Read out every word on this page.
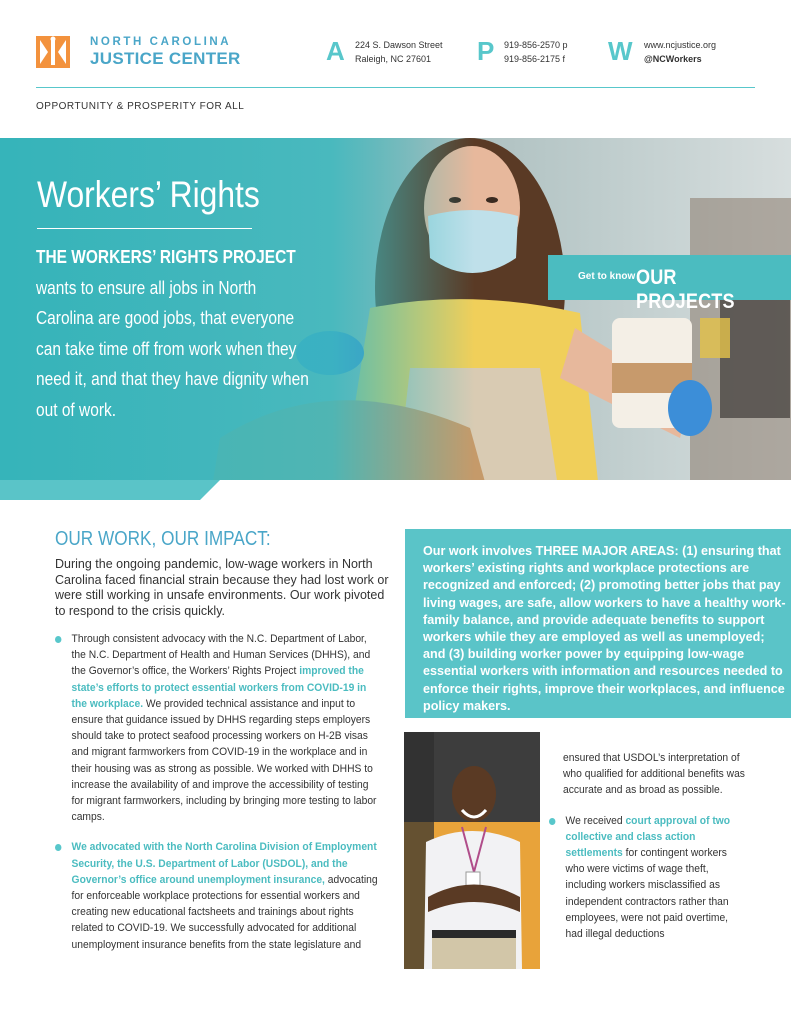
NORTH CAROLINA
JUSTICE CENTER	A 224 S. Dawson Street
Raleigh, NC 27601	P 919-856-2570 p
919-856-2175 f W www.ncjustice.org
@NCWorkers
OPPORTUNITY & PROSPERITY FOR ALL
Get to know OUR PROJECTS
Workers’ Rights
THE WORKERS’ RIGHTS PROJECT wants to ensure all jobs in North Carolina are good jobs, that everyone can take time off from work when they need it, and that they have dignity when out of work.
OUR WORK, OUR IMPACT:
During the ongoing pandemic, low-wage workers in North Carolina faced financial strain because they had lost work or were still working in unsafe environments. Our work pivoted to respond to the crisis quickly.
Through consistent advocacy with the N.C. Department of Labor, the N.C. Department of Health and Human Services (DHHS), and the Governor’s office, the Workers’ Rights Project improved the state’s efforts to protect essential workers from COVID-19 in the workplace. We provided technical assistance and input to ensure that guidance issued by DHHS regarding steps employers should take to protect seafood processing workers on H-2B visas and migrant farmworkers from COVID-19 in the workplace and in their housing was as strong as possible. We worked with DHHS to increase the availability of and improve the accessibility of testing for migrant farmworkers, including by bringing more testing to labor camps.
We advocated with the North Carolina Division of Employment Security, the U.S. Department of Labor (USDOL), and the Governor’s office around unemployment insurance, advocating for enforceable workplace protections for essential workers and creating new educational factsheets and trainings about rights related to COVID-19. We successfully advocated for additional unemployment insurance benefits from the state legislature and

Our work involves THREE MAJOR AREAS: (1) ensuring that workers’ existing rights and workplace protections are recognized and enforced; (2) promoting better jobs that pay living wages, are safe, allow workers to have a healthy work-family balance, and provide adequate benefits to support workers while they are employed as well as unemployed; and (3) building worker power by equipping low-wage essential workers with information and resources needed to enforce their rights, improve their workplaces, and influence policy makers.

ensured that USDOL’s interpretation of who qualified for additional benefits was accurate and as broad as possible.
We received court approval of two collective and class action settlements for contingent workers who were victims of wage theft, including workers misclassified as independent contractors rather than employees, were not paid overtime, had illegal deductions
